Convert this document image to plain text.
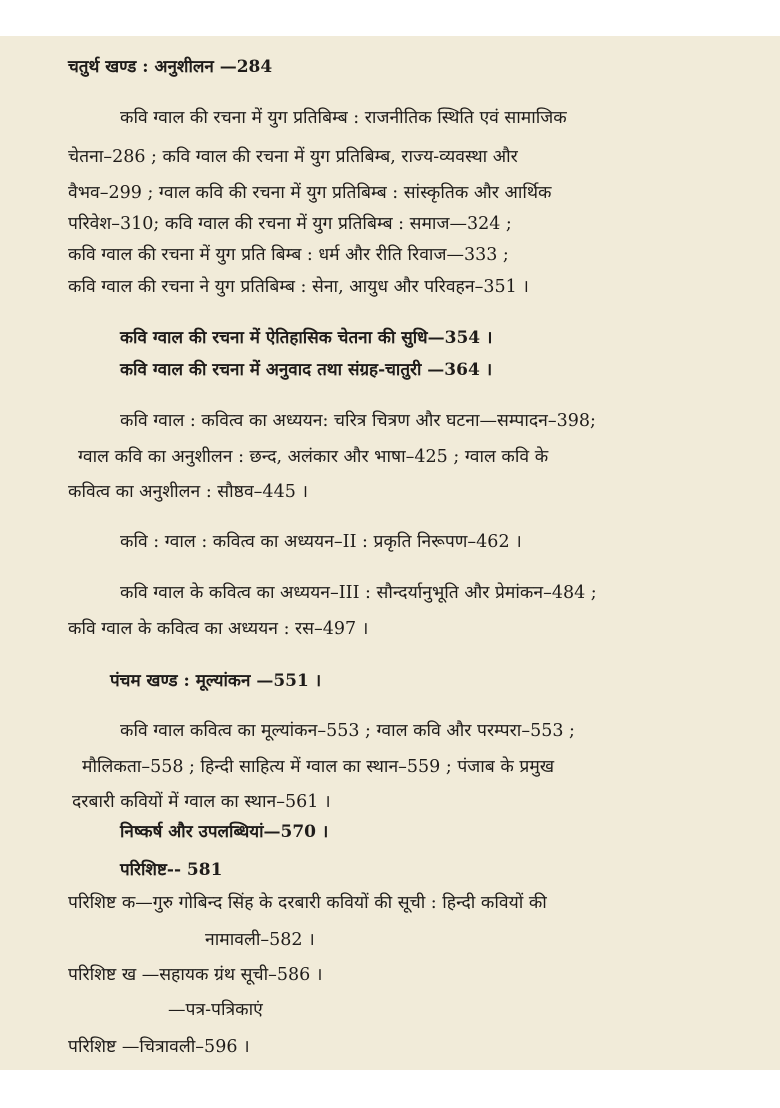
चतुर्थ खण्ड : अनुशीलन —284
कवि ग्वाल की रचना में युग प्रतिबिम्ब : राजनीतिक स्थिति एवं सामाजिक
चेतना–286 ; कवि ग्वाल की रचना में युग प्रतिबिम्ब, राज्य-व्यवस्था और
वैभव–299 ; ग्वाल कवि की रचना में युग प्रतिबिम्ब : सांस्कृतिक और आर्थिक
परिवेश–310; कवि ग्वाल की रचना में युग प्रतिबिम्ब : समाज—324 ;
कवि ग्वाल की रचना में युग प्रति बिम्ब : धर्म और रीति रिवाज—333 ;
कवि ग्वाल की रचना ने युग प्रतिबिम्ब : सेना, आयुध और परिवहन–351 ।
कवि ग्वाल की रचना में ऐतिहासिक चेतना की सुधि—354 ।
कवि ग्वाल की रचना में अनुवाद तथा संग्रह-चातुरी —364 ।
कवि ग्वाल : कवित्व का अध्ययन: चरित्र चित्रण और घटना—सम्पादन–398;
ग्वाल कवि का अनुशीलन : छन्द, अलंकार और भाषा–425 ; ग्वाल कवि के
कवित्व का अनुशीलन : सौष्ठव–445 ।
कवि : ग्वाल : कवित्व का अध्ययन–II : प्रकृति निरूपण–462 ।
कवि ग्वाल के कवित्व का अध्ययन–III : सौन्दर्यानुभूति और प्रेमांकन–484 ;
कवि ग्वाल के कवित्व का अध्ययन : रस–497 ।
पंचम खण्ड : मूल्यांकन —551 ।
कवि ग्वाल कवित्व का मूल्यांकन–553 ; ग्वाल कवि और परम्परा–553 ;
मौलिकता–558 ; हिन्दी साहित्य में ग्वाल का स्थान–559 ; पंजाब के प्रमुख
दरबारी कवियों में ग्वाल का स्थान–561 ।
निष्कर्ष और उपलब्धियां—570 ।
परिशिष्ट-- 581
परिशिष्ट क—गुरु गोबिन्द सिंह के दरबारी कवियों की सूची : हिन्दी कवियों की
नामावली–582 ।
परिशिष्ट ख —सहायक ग्रंथ सूची–586 ।
—पत्र-पत्रिकाएं
परिशिष्ट —चित्रावली–596 ।
